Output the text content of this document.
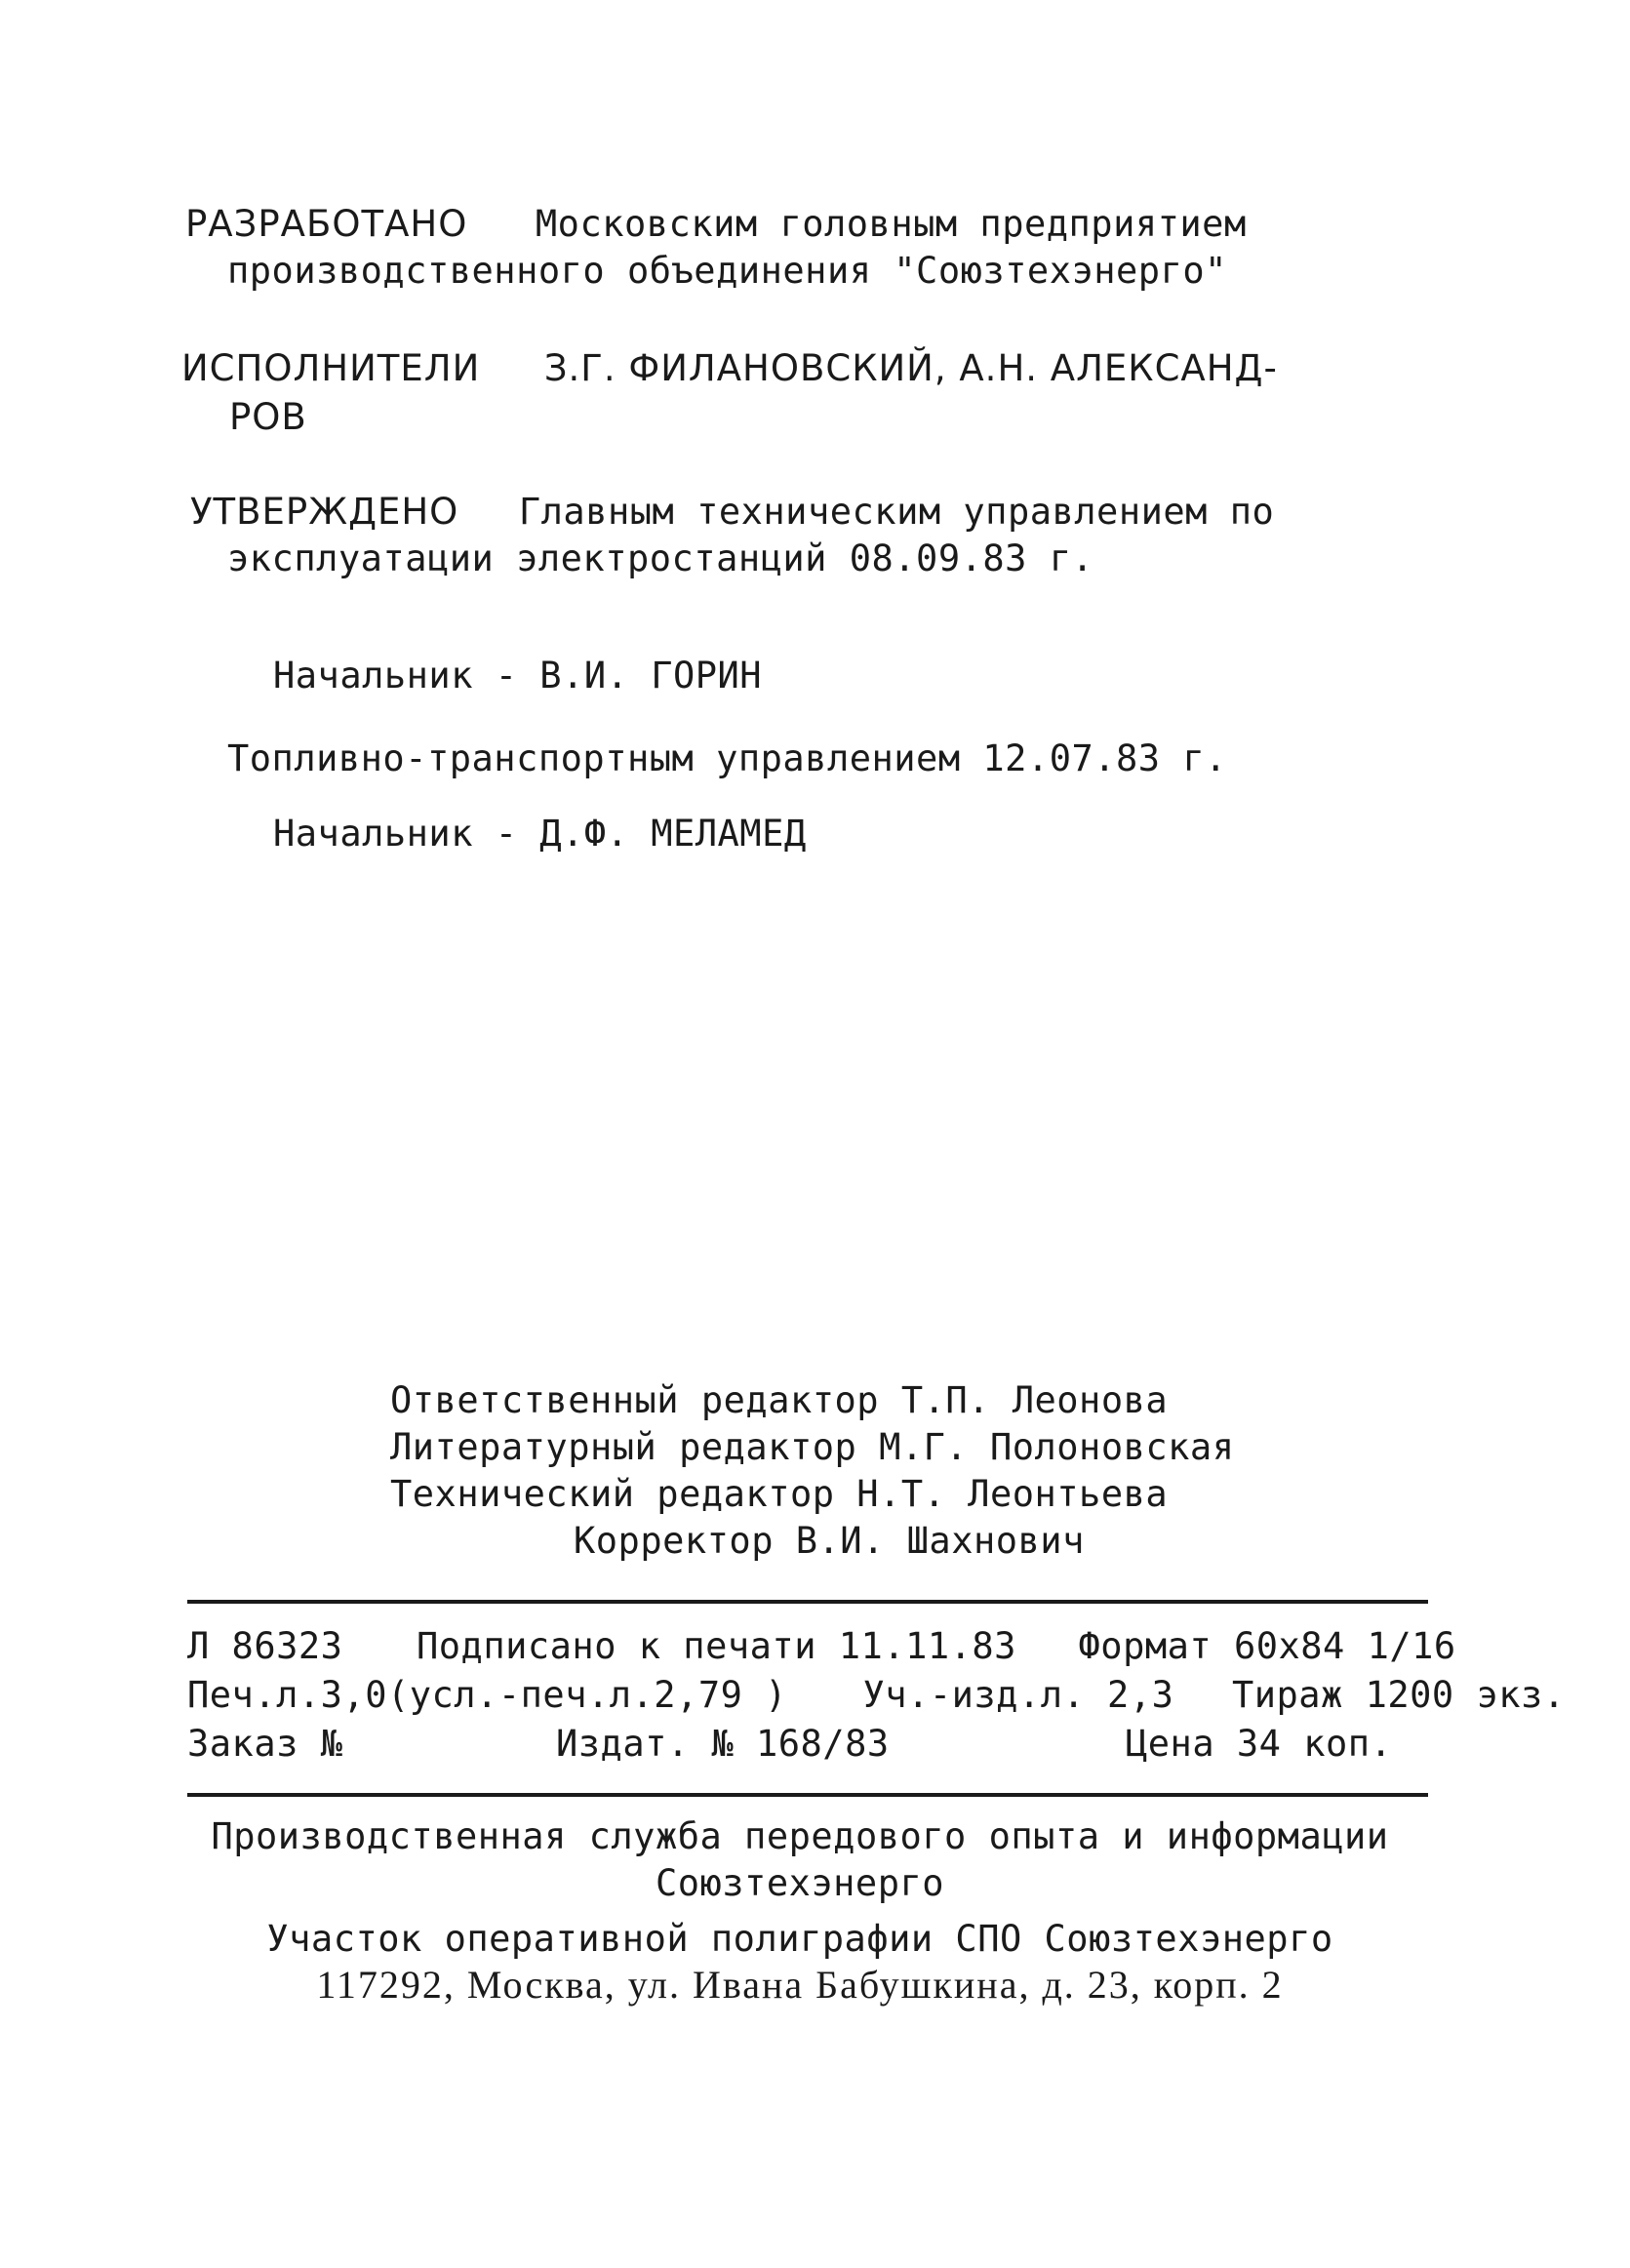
РАЗРАБОТАНО Московским головным предприятием
производственного объединения "Союзтехэнерго"
ИСПОЛНИТЕЛИ З.Г. ФИЛАНОВСКИЙ, А.Н. АЛЕКСАНД-
РОВ
УТВЕРЖДЕНО Главным техническим управлением по
эксплуатации электростанций 08.09.83 г.
Начальник - В.И. ГОРИН
Топливно-транспортным управлением 12.07.83 г.
Начальник - Д.Ф. МЕЛАМЕД
Ответственный редактор Т.П. Леонова
Литературный редактор М.Г. Полоновская
Технический редактор Н.Т. Леонтьева
Корректор В.И. Шахнович
Л 86323 Подписано к печати 11.11.83 Формат 60х84 1/16
Печ.л.3,0(усл.-печ.л.2,79 ) Уч.-изд.л. 2,3 Тираж 1200 экз.
Заказ №	Издат. № 168/83	Цена 34 коп.
Производственная служба передового опыта и информации
Союзтехэнерго
Участок оперативной полиграфии СПО Союзтехэнерго
117292, Москва, ул. Ивана Бабушкина, д. 23, корп. 2
